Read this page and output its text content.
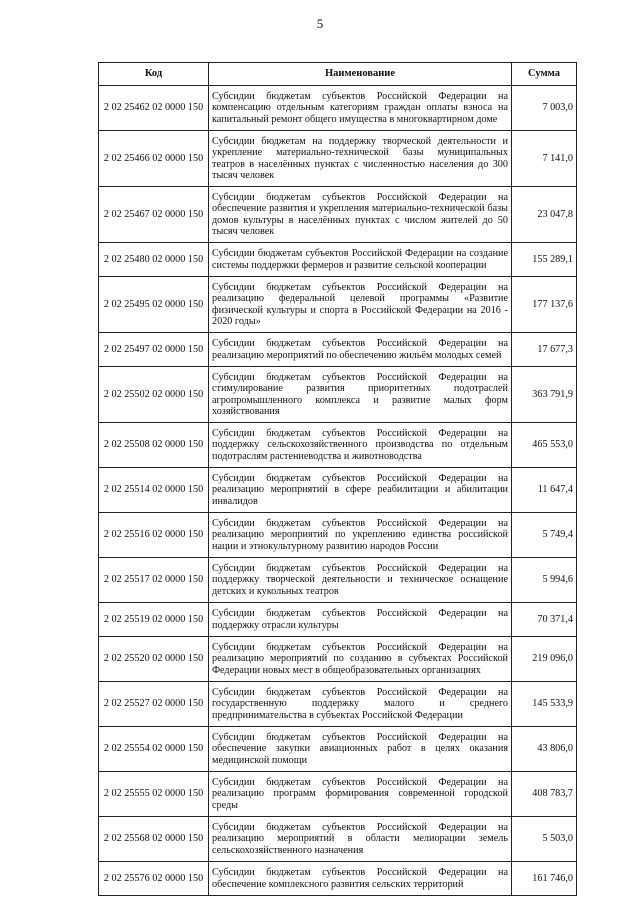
5
Код	Наименование	Сумма
2 02 25462 02 0000 150	Субсидии бюджетам субъектов Российской Федерации на компенсацию отдельным категориям граждан оплаты взноса на капитальный ремонт общего имущества в многоквартирном доме	7 003,0
2 02 25466 02 0000 150	Субсидии бюджетам на поддержку творческой деятельности и укрепление материально-технической базы муниципальных театров в населённых пунктах с численностью населения до 300 тысяч человек	7 141,0
2 02 25467 02 0000 150	Субсидии бюджетам субъектов Российской Федерации на обеспечение развития и укрепления материально-технической базы домов культуры в населённых пунктах с числом жителей до 50 тысяч человек	23 047,8
2 02 25480 02 0000 150	Субсидии бюджетам субъектов Российской Федерации на создание системы поддержки фермеров и развитие сельской кооперации	155 289,1
2 02 25495 02 0000 150	Субсидии бюджетам субъектов Российской Федерации на реализацию федеральной целевой программы «Развитие физической культуры и спорта в Российской Федерации на 2016 - 2020 годы»	177 137,6
2 02 25497 02 0000 150	Субсидии бюджетам субъектов Российской Федерации на реализацию мероприятий по обеспечению жильём молодых семей	17 677,3
2 02 25502 02 0000 150	Субсидии бюджетам субъектов Российской Федерации на стимулирование развития приоритетных подотраслей агропромышленного комплекса и развитие малых форм хозяйствования	363 791,9
2 02 25508 02 0000 150	Субсидии бюджетам субъектов Российской Федерации на поддержку сельскохозяйственного производства по отдельным подотраслям растениеводства и животноводства	465 553,0
2 02 25514 02 0000 150	Субсидии бюджетам субъектов Российской Федерации на реализацию мероприятий в сфере реабилитации и абилитации инвалидов	11 647,4
2 02 25516 02 0000 150	Субсидии бюджетам субъектов Российской Федерации на реализацию мероприятий по укреплению единства российской нации и этнокультурному развитию народов России	5 749,4
2 02 25517 02 0000 150	Субсидии бюджетам субъектов Российской Федерации на поддержку творческой деятельности и техническое оснащение детских и кукольных театров	5 994,6
2 02 25519 02 0000 150	Субсидии бюджетам субъектов Российской Федерации на поддержку отрасли культуры	70 371,4
2 02 25520 02 0000 150	Субсидии бюджетам субъектов Российской Федерации на реализацию мероприятий по созданию в субъектах Российской Федерации новых мест в общеобразовательных организациях	219 096,0
2 02 25527 02 0000 150	Субсидии бюджетам субъектов Российской Федерации на государственную поддержку малого и среднего предпринимательства в субъектах Российской Федерации	145 533,9
2 02 25554 02 0000 150	Субсидии бюджетам субъектов Российской Федерации на обеспечение закупки авиационных работ в целях оказания медицинской помощи	43 806,0
2 02 25555 02 0000 150	Субсидии бюджетам субъектов Российской Федерации на реализацию программ формирования современной городской среды	408 783,7
2 02 25568 02 0000 150	Субсидии бюджетам субъектов Российской Федерации на реализацию мероприятий в области мелиорации земель сельскохозяйственного назначения	5 503,0
2 02 25576 02 0000 150	Субсидии бюджетам субъектов Российской Федерации на обеспечение комплексного развития сельских территорий	161 746,0
